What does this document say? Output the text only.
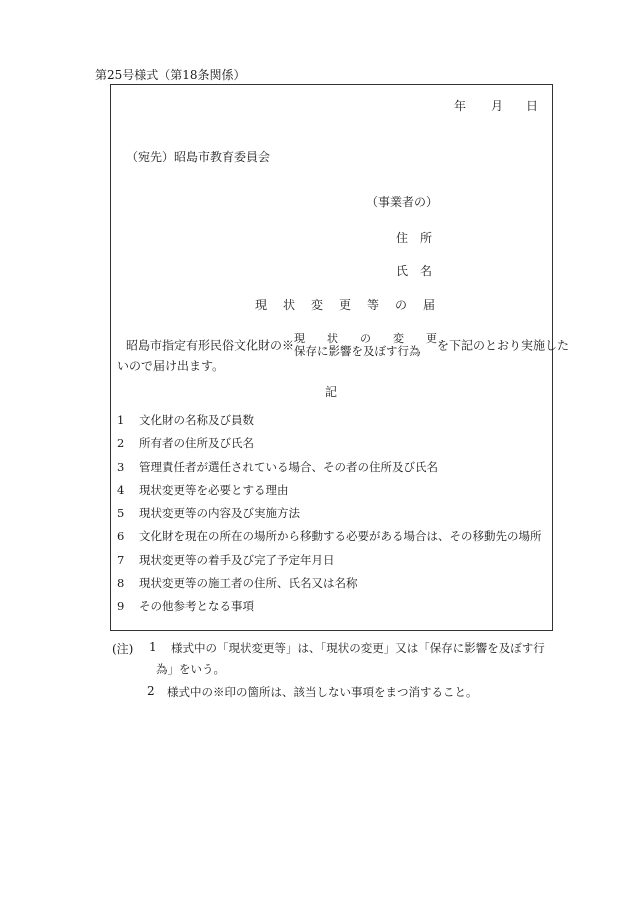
第25号様式（第18条関係）
年 月 日
（宛先）昭島市教育委員会
（事業者の）
住　所
氏　名
現状変更等の届
昭島市指定有形民俗文化財の※ 現　　状　　の　　変　　更
保存に影響を及ぼす行為	を下記のとおり実施した
いので届け出ます。
記
1 文化財の名称及び員数
2 所有者の住所及び氏名
3 管理責任者が選任されている場合、その者の住所及び氏名
4 現状変更等を必要とする理由
5 現状変更等の内容及び実施方法
6 文化財を現在の所在の場所から移動する必要がある場合は、その移動先の場所
7 現状変更等の着手及び完了予定年月日
8 現状変更等の施工者の住所、氏名又は名称
9 その他参考となる事項
(注) 1 様式中の「現状変更等」は、「現状の変更」又は「保存に影響を及ぼす行
為」をいう。
2 様式中の※印の箇所は、該当しない事項をまつ消すること。
